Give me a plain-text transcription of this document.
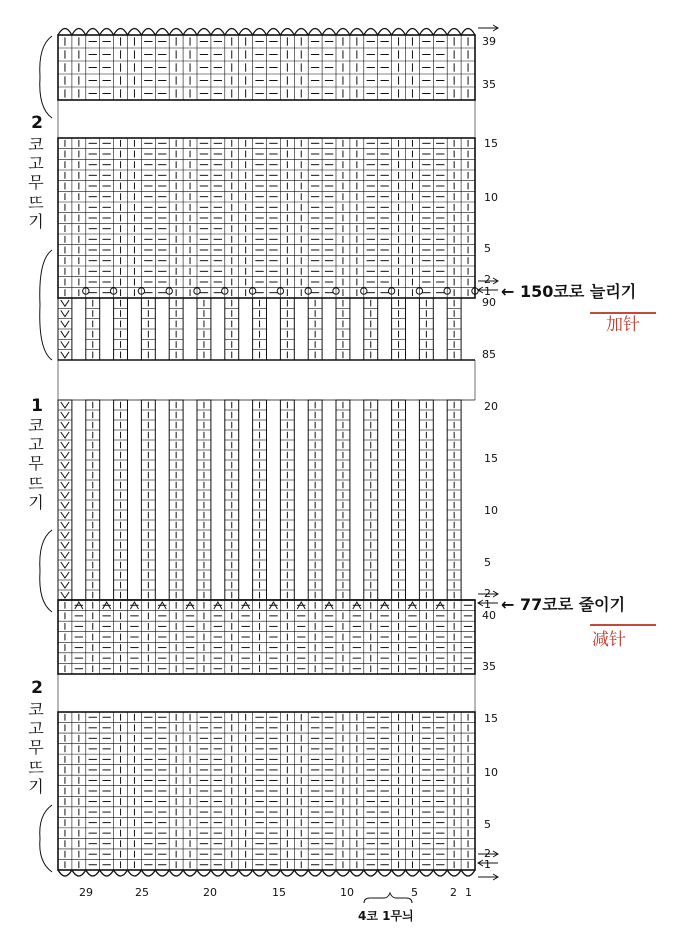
39
35
15
10
5
2
1
90
85
20
15
10
5
2
1
40
35
15
10
5
2
1
29	25	20	15	10	5	2 1
4코 1무늬
2
코고무뜨기
1
코고무뜨기
2
코고무뜨기
← 150코로 늘리기
加针
← 77코로 줄이기
减针
